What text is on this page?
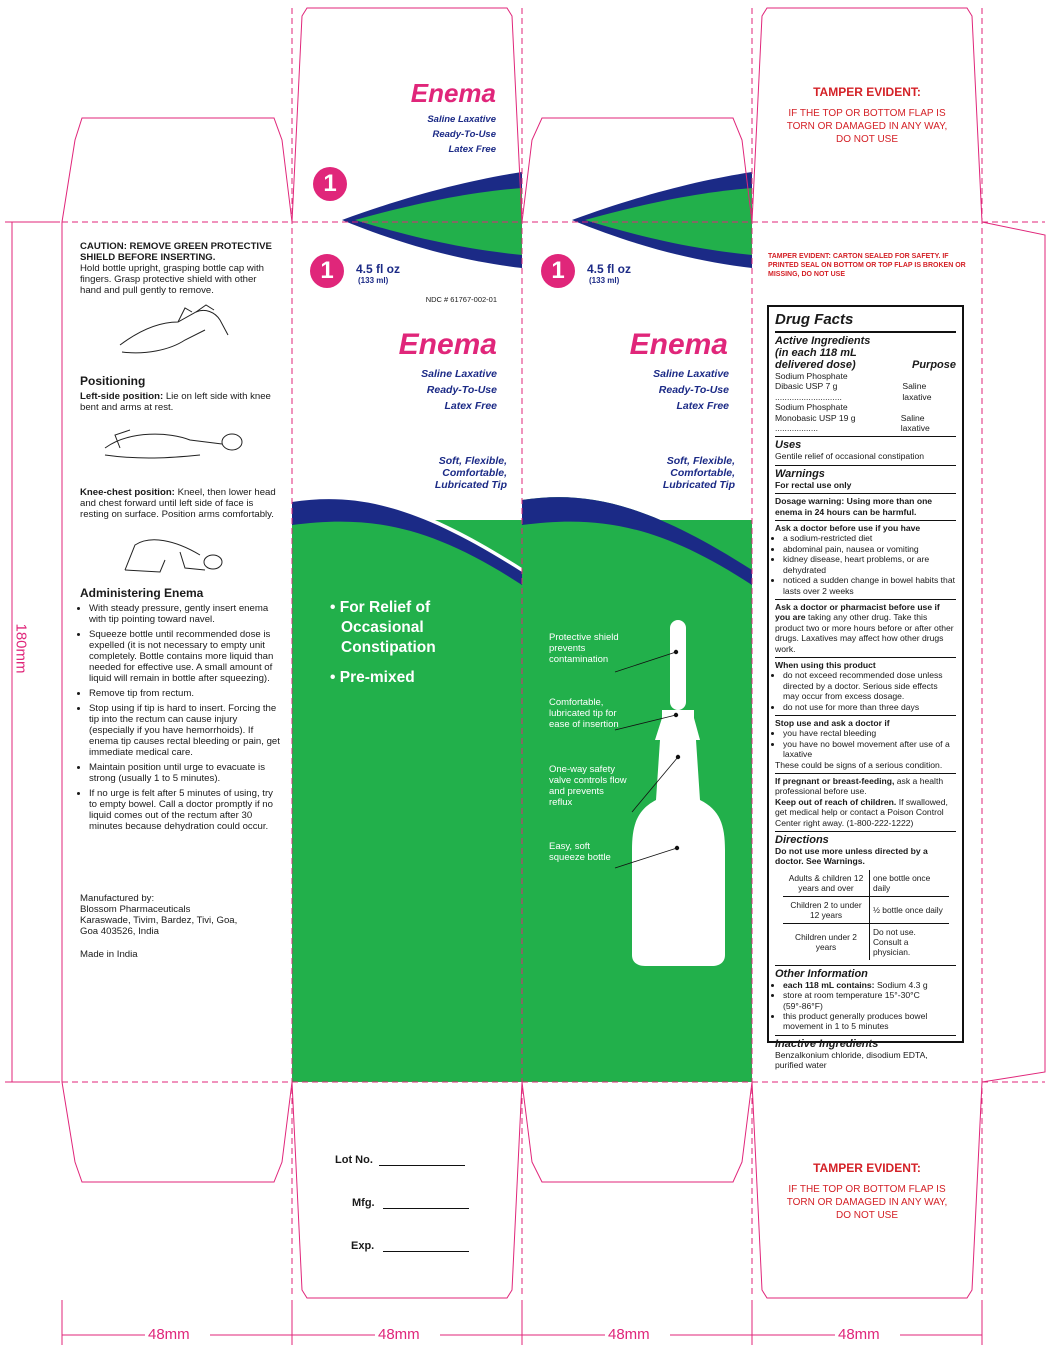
180mm
48mm	48mm	48mm	48mm
CAUTION: REMOVE GREEN PROTECTIVE SHIELD BEFORE INSERTING.
Hold bottle upright, grasping bottle cap with fingers. Grasp protective shield with other hand and pull gently to remove.
Positioning
Left-side position: Lie on left side with knee bent and arms at rest.
Knee-chest position: Kneel, then lower head and chest forward until left side of face is resting on surface. Position arms comfortably.
Administering Enema
• With steady pressure, gently insert enema with tip pointing toward navel.
• Squeeze bottle until recommended dose is expelled (it is not necessary to empty unit completely. Bottle contains more liquid than needed for effective use. A small amount of liquid will remain in bottle after squeezing).
• Remove tip from rectum.
• Stop using if tip is hard to insert. Forcing the tip into the rectum can cause injury (especially if you have hemorrhoids). If enema tip causes rectal bleeding or pain, get immediate medical care.
• Maintain position until urge to evacuate is strong (usually 1 to 5 minutes).
• If no urge is felt after 5 minutes of using, try to empty bowel. Call a doctor promptly if no liquid comes out of the rectum after 30 minutes because dehydration could occur.
Manufactured by:
Blossom Pharmaceuticals
Karaswade, Tivim, Bardez, Tivi, Goa,
Goa 403526, India
Made in India
Enema
Saline Laxative
Ready-To-Use
Latex Free
1
1	4.5 fl oz
(133 ml)
NDC # 61767-002-01
Enema
Saline Laxative
Ready-To-Use
Latex Free
Soft, Flexible,
Comfortable,
Lubricated Tip
• For Relief of
Occasional
Constipation
• Pre-mixed
1	4.5 fl oz
(133 ml)
Enema
Saline Laxative
Ready-To-Use
Latex Free
Soft, Flexible,
Comfortable,
Lubricated Tip
Protective shield prevents contamination
Comfortable, lubricated tip for ease of insertion
One-way safety valve controls flow and prevents reflux
Easy, soft squeeze bottle
Lot No.
Mfg.
Exp.
TAMPER EVIDENT:
IF THE TOP OR BOTTOM FLAP IS TORN OR DAMAGED IN ANY WAY, DO NOT USE
TAMPER EVIDENT: CARTON SEALED FOR SAFETY. IF PRINTED SEAL ON BOTTOM OR TOP FLAP IS BROKEN OR MISSING, DO NOT USE
TAMPER EVIDENT:
IF THE TOP OR BOTTOM FLAP IS TORN OR DAMAGED IN ANY WAY, DO NOT USE
Drug Facts
Active Ingredients (in each 118 mL delivered dose)	Purpose
Sodium Phosphate
Dibasic USP 7 g ............................
Saline laxative
Sodium Phosphate
Monobasic USP 19 g ..................
Saline laxative
Uses
Gentile relief of occasional constipation
Warnings
For rectal use only
Dosage warning: Using more than one enema in 24 hours can be harmful.
Ask a doctor before use if you have
• a sodium-restricted diet
• abdominal pain, nausea or vomiting
• kidney disease, heart problems, or are dehydrated
• noticed a sudden change in bowel habits that lasts over 2 weeks
Ask a doctor or pharmacist before use if you are taking any other drug. Take this product two or more hours before or after other drugs. Laxatives may affect how other drugs work.
When using this product
• do not exceed recommended dose unless directed by a doctor. Serious side effects may occur from excess dosage.
• do not use for more than three days
Stop use and ask a doctor if
• you have rectal bleeding
• you have no bowel movement after use of a laxative
These could be signs of a serious condition.
If pregnant or breast-feeding, ask a health professional before use.
Keep out of reach of children. If swallowed, get medical help or contact a Poison Control Center right away. (1-800-222-1222)
Directions
Do not use more unless directed by a doctor. See Warnings.
Adults & children 12 years and over	one bottle once daily
Children 2 to under 12 years	½ bottle once daily
Children under 2 years	Do not use. Consult a physician.
Other Information
• each 118 mL contains: Sodium 4.3 g
• store at room temperature 15°-30°C (59°-86°F)
• this product generally produces bowel movement in 1 to 5 minutes
Inactive Ingredients
Benzalkonium chloride, disodium EDTA, purified water
